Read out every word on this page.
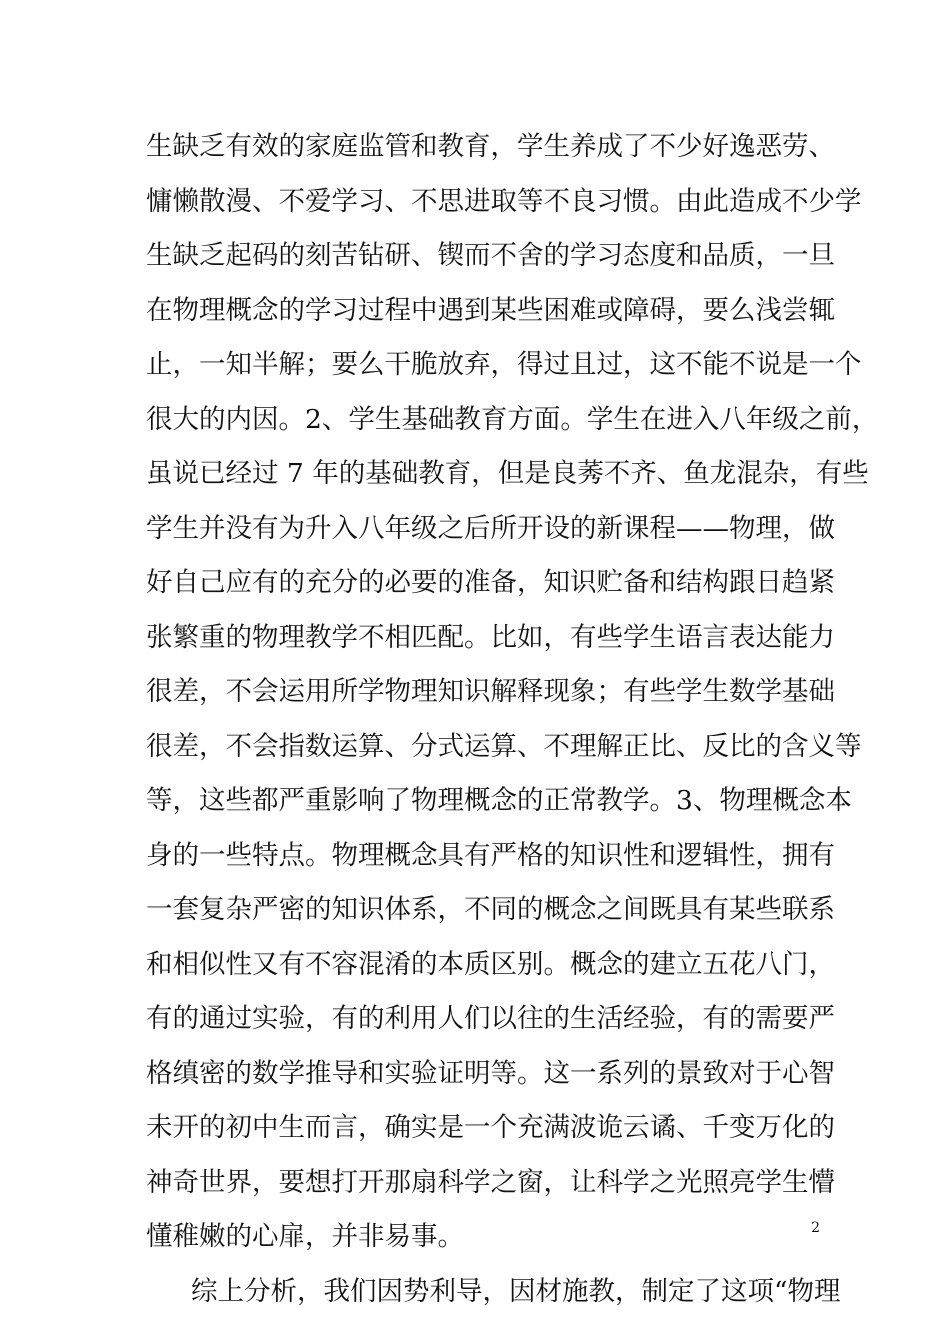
生缺乏有效的家庭监管和教育，学生养成了不少好逸恶劳、
慵懒散漫、不爱学习、不思进取等不良习惯。由此造成不少学
生缺乏起码的刻苦钻研、锲而不舍的学习态度和品质，一旦
在物理概念的学习过程中遇到某些困难或障碍，要么浅尝辄
止，一知半解；要么干脆放弃，得过且过，这不能不说是一个
很大的内因。2、学生基础教育方面。学生在进入八年级之前，
虽说已经过 7 年的基础教育，但是良莠不齐、鱼龙混杂，有些
学生并没有为升入八年级之后所开设的新课程——物理，做
好自己应有的充分的必要的准备，知识贮备和结构跟日趋紧
张繁重的物理教学不相匹配。比如，有些学生语言表达能力
很差，不会运用所学物理知识解释现象；有些学生数学基础
很差，不会指数运算、分式运算、不理解正比、反比的含义等
等，这些都严重影响了物理概念的正常教学。3、物理概念本
身的一些特点。物理概念具有严格的知识性和逻辑性，拥有
一套复杂严密的知识体系，不同的概念之间既具有某些联系
和相似性又有不容混淆的本质区别。概念的建立五花八门，
有的通过实验，有的利用人们以往的生活经验，有的需要严
格缜密的数学推导和实验证明等。这一系列的景致对于心智
未开的初中生而言，确实是一个充满波诡云谲、千变万化的
神奇世界，要想打开那扇科学之窗，让科学之光照亮学生懵
懂稚嫩的心扉，并非易事。
综上分析，我们因势利导，因材施教，制定了这项“物理
2
